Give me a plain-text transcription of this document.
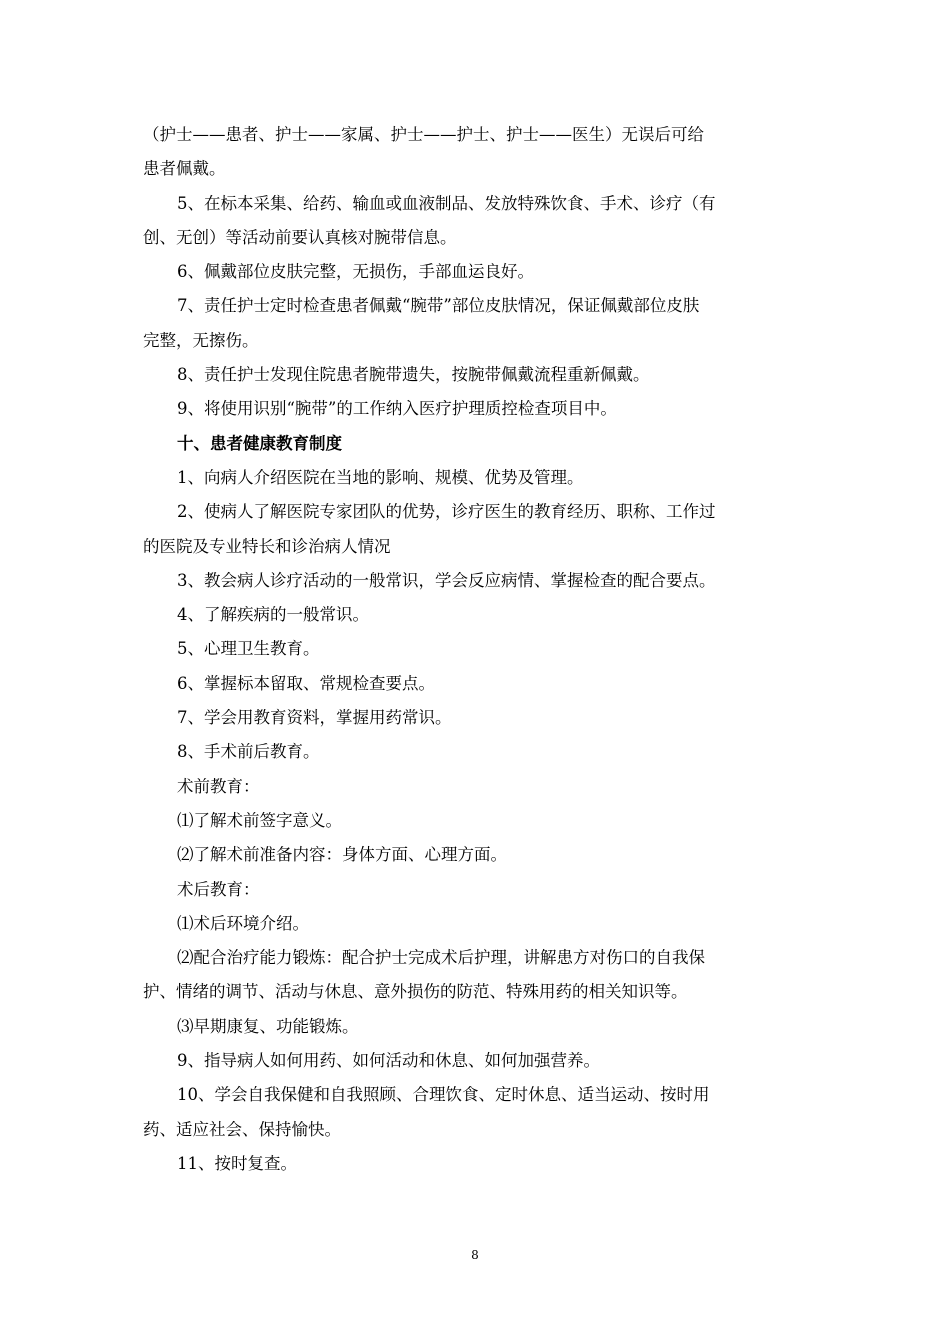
（护士——患者、护士——家属、护士——护士、护士——医生）无误后可给
患者佩戴。
5、在标本采集、给药、输血或血液制品、发放特殊饮食、手术、诊疗（有
创、无创）等活动前要认真核对腕带信息。
6、佩戴部位皮肤完整，无损伤，手部血运良好。
7、责任护士定时检查患者佩戴“腕带”部位皮肤情况，保证佩戴部位皮肤
完整，无擦伤。
8、责任护士发现住院患者腕带遗失，按腕带佩戴流程重新佩戴。
9、将使用识别“腕带”的工作纳入医疗护理质控检查项目中。
十、患者健康教育制度
1、向病人介绍医院在当地的影响、规模、优势及管理。
2、使病人了解医院专家团队的优势，诊疗医生的教育经历、职称、工作过
的医院及专业特长和诊治病人情况
3、教会病人诊疗活动的一般常识，学会反应病情、掌握检查的配合要点。
4、了解疾病的一般常识。
5、心理卫生教育。
6、掌握标本留取、常规检查要点。
7、学会用教育资料，掌握用药常识。
8、手术前后教育。
术前教育：
⑴了解术前签字意义。
⑵了解术前准备内容：身体方面、心理方面。
术后教育：
⑴术后环境介绍。
⑵配合治疗能力锻炼：配合护士完成术后护理，讲解患方对伤口的自我保
护、情绪的调节、活动与休息、意外损伤的防范、特殊用药的相关知识等。
⑶早期康复、功能锻炼。
9、指导病人如何用药、如何活动和休息、如何加强营养。
10、学会自我保健和自我照顾、合理饮食、定时休息、适当运动、按时用
药、适应社会、保持愉快。
11、按时复查。
8
